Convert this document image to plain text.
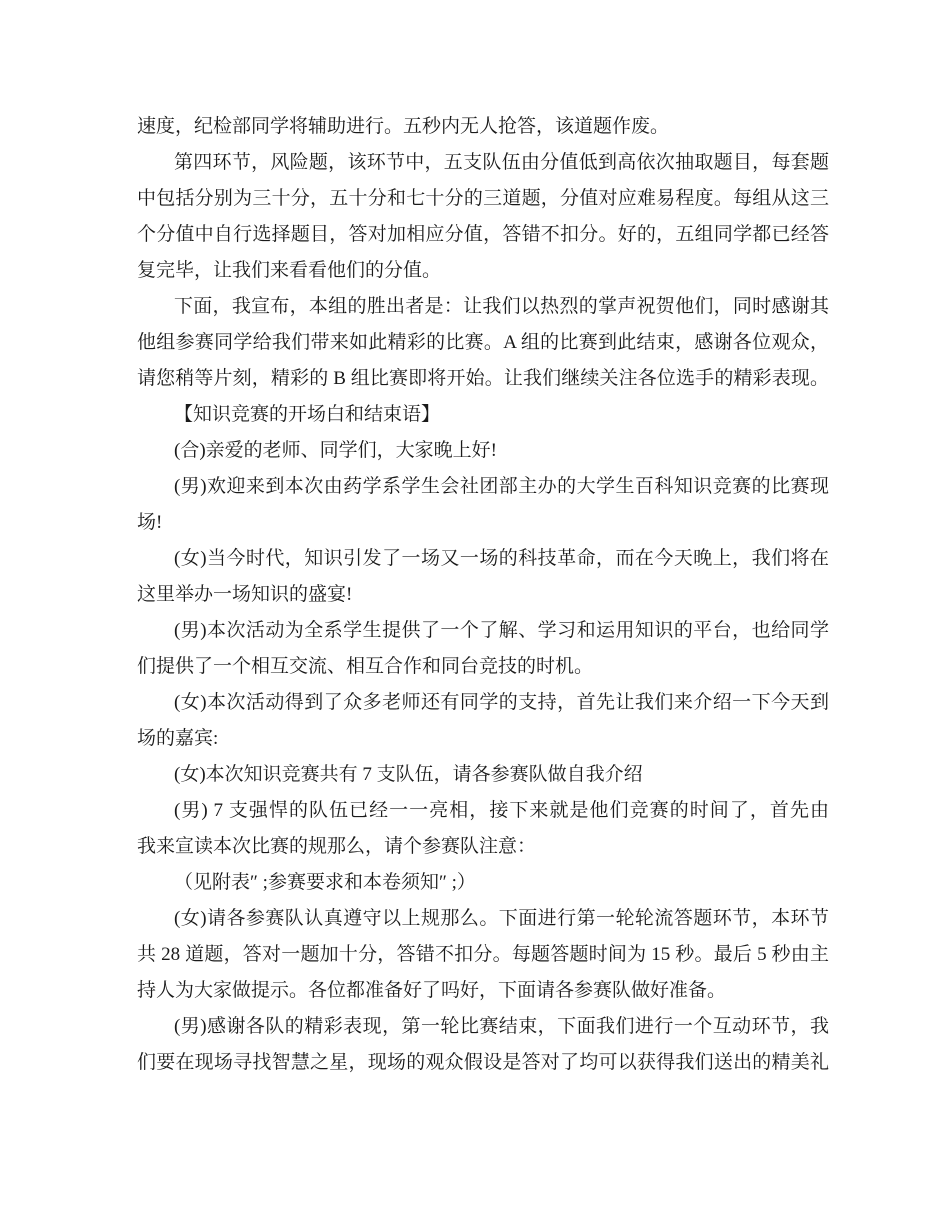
速度，纪检部同学将辅助进行。五秒内无人抢答，该道题作废。
第四环节，风险题，该环节中，五支队伍由分值低到高依次抽取题目，每套题
中包括分别为三十分，五十分和七十分的三道题，分值对应难易程度。每组从这三
个分值中自行选择题目，答对加相应分值，答错不扣分。好的，五组同学都已经答
复完毕，让我们来看看他们的分值。
下面，我宣布，本组的胜出者是：让我们以热烈的掌声祝贺他们，同时感谢其
他组参赛同学给我们带来如此精彩的比赛。A 组的比赛到此结束，感谢各位观众，
请您稍等片刻，精彩的 B 组比赛即将开始。让我们继续关注各位选手的精彩表现。
【知识竞赛的开场白和结束语】
(合)亲爱的老师、同学们，大家晚上好!
(男)欢迎来到本次由药学系学生会社团部主办的大学生百科知识竞赛的比赛现
场!
(女)当今时代，知识引发了一场又一场的科技革命，而在今天晚上，我们将在
这里举办一场知识的盛宴!
(男)本次活动为全系学生提供了一个了解、学习和运用知识的平台，也给同学
们提供了一个相互交流、相互合作和同台竞技的时机。
(女)本次活动得到了众多老师还有同学的支持，首先让我们来介绍一下今天到
场的嘉宾:
(女)本次知识竞赛共有 7 支队伍，请各参赛队做自我介绍
(男) 7 支强悍的队伍已经一一亮相，接下来就是他们竞赛的时间了，首先由
我来宣读本次比赛的规那么，请个参赛队注意：
（见附表″ ;参赛要求和本卷须知″ ;）
(女)请各参赛队认真遵守以上规那么。下面进行第一轮轮流答题环节，本环节
共 28 道题，答对一题加十分，答错不扣分。每题答题时间为 15 秒。最后 5 秒由主
持人为大家做提示。各位都准备好了吗好，下面请各参赛队做好准备。
(男)感谢各队的精彩表现，第一轮比赛结束，下面我们进行一个互动环节，我
们要在现场寻找智慧之星，现场的观众假设是答对了均可以获得我们送出的精美礼
